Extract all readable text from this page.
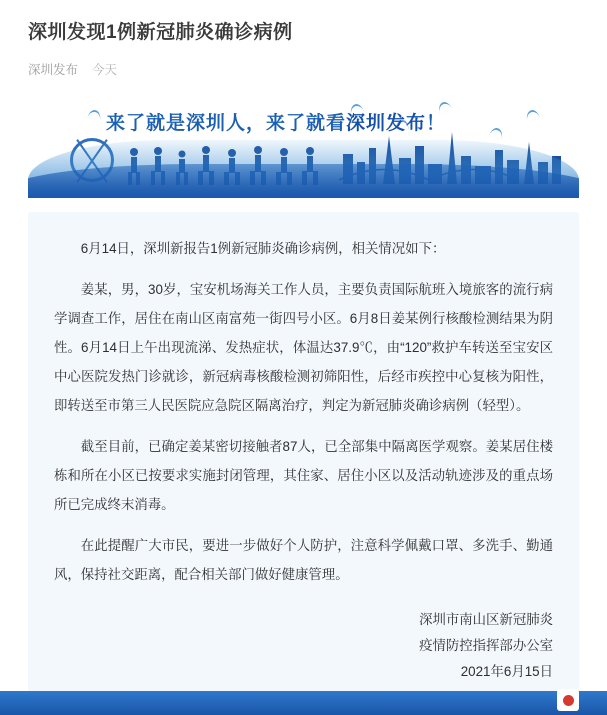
深圳发现1例新冠肺炎确诊病例
深圳发布 今天
来了就是深圳人，来了就看深圳发布！

6月14日，深圳新报告1例新冠肺炎确诊病例，相关情况如下：

姜某，男，30岁，宝安机场海关工作人员，主要负责国际航班入境旅客的流行病学调查工作，居住在南山区南富苑一街四号小区。6月8日姜某例行核酸检测结果为阴性。6月14日上午出现流涕、发热症状，体温达37.9℃，由“120”救护车转送至宝安区中心医院发热门诊就诊，新冠病毒核酸检测初筛阳性，后经市疾控中心复核为阳性，即转送至市第三人民医院应急院区隔离治疗，判定为新冠肺炎确诊病例（轻型）。

截至目前，已确定姜某密切接触者87人，已全部集中隔离医学观察。姜某居住楼栋和所在小区已按要求实施封闭管理，其住家、居住小区以及活动轨迹涉及的重点场所已完成终末消毒。

在此提醒广大市民，要进一步做好个人防护，注意科学佩戴口罩、多洗手、勤通风，保持社交距离，配合相关部门做好健康管理。

深圳市南山区新冠肺炎
疫情防控指挥部办公室
2021年6月15日
